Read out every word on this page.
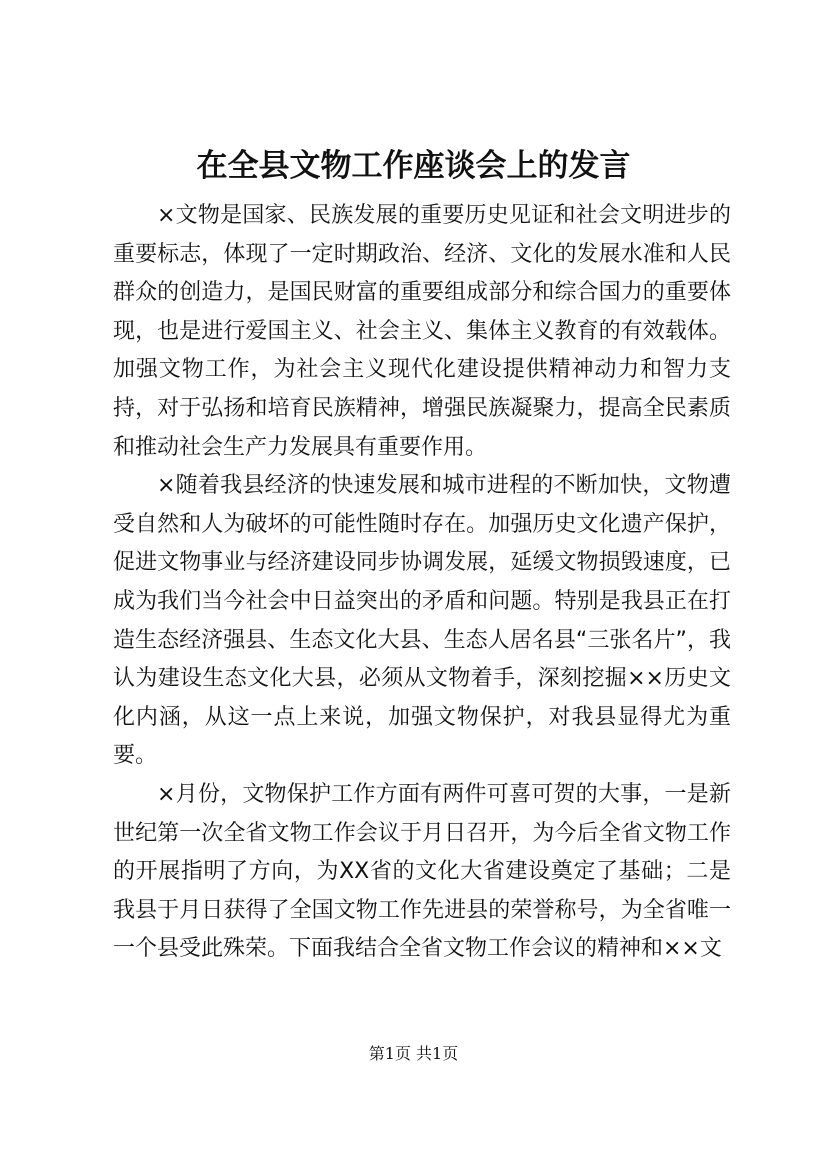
在全县文物工作座谈会上的发言

×文物是国家、民族发展的重要历史见证和社会文明进步的重要标志，体现了一定时期政治、经济、文化的发展水准和人民群众的创造力，是国民财富的重要组成部分和综合国力的重要体现，也是进行爱国主义、社会主义、集体主义教育的有效载体。加强文物工作，为社会主义现代化建设提供精神动力和智力支持，对于弘扬和培育民族精神，增强民族凝聚力，提高全民素质和推动社会生产力发展具有重要作用。

×随着我县经济的快速发展和城市进程的不断加快，文物遭受自然和人为破坏的可能性随时存在。加强历史文化遗产保护，促进文物事业与经济建设同步协调发展，延缓文物损毁速度，已成为我们当今社会中日益突出的矛盾和问题。特别是我县正在打造生态经济强县、生态文化大县、生态人居名县“三张名片”，我认为建设生态文化大县，必须从文物着手，深刻挖掘××历史文化内涵，从这一点上来说，加强文物保护，对我县显得尤为重要。

×月份，文物保护工作方面有两件可喜可贺的大事，一是新世纪第一次全省文物工作会议于月日召开，为今后全省文物工作的开展指明了方向，为XX省的文化大省建设奠定了基础；二是我县于月日获得了全国文物工作先进县的荣誉称号，为全省唯一一个县受此殊荣。下面我结合全省文物工作会议的精神和××文

第1页 共1页
